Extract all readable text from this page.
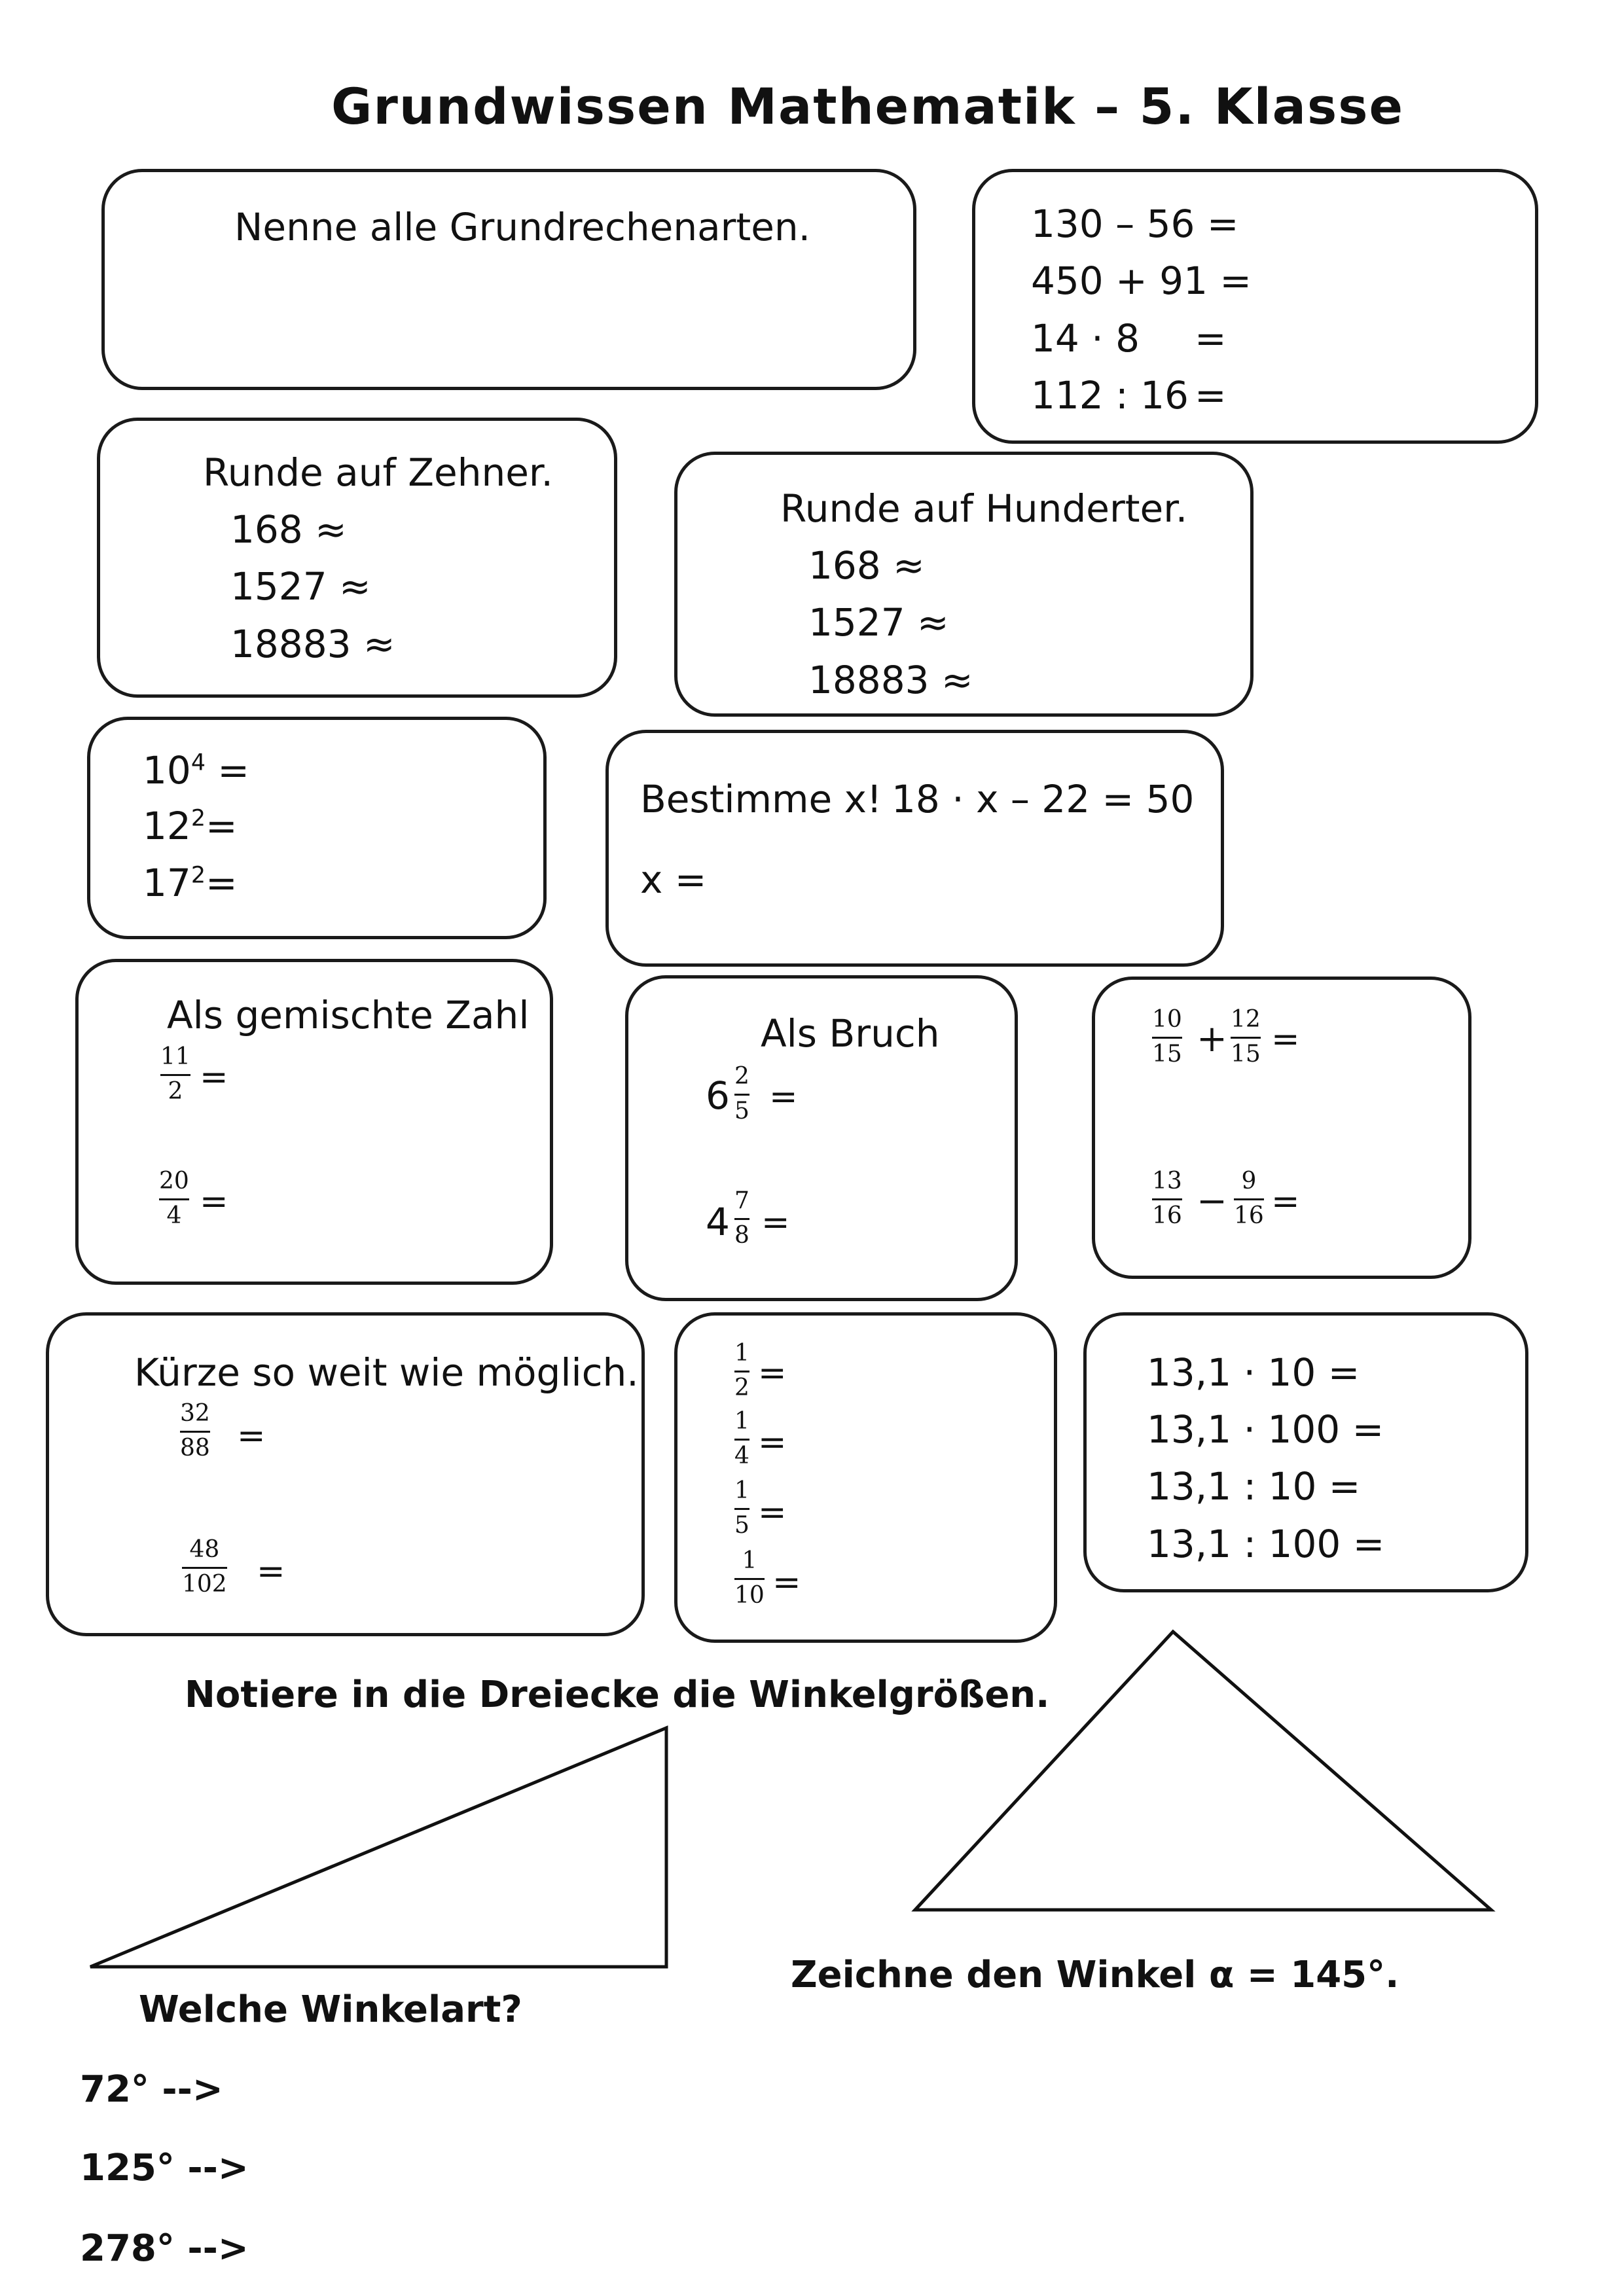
Grundwissen Mathematik – 5. Klasse
Nenne alle Grundrechenarten.	130 – 56 =
450 + 91 =
14 · 8 =
112 : 16 =
Runde auf Zehner.
168 ≈
1527 ≈
18883 ≈
Runde auf Hunderter.
168 ≈
1527 ≈
18883 ≈
$10^4$ =
$12^2=$
$17^2=$
Bestimme x! 18 · x – 22 = 50
x =
Als gemischte Zahl
11
2 =
20
4 =
Als Bruch
6 2
5 =
4 7
8 =
10
15 + 12
15 =
13
16 − 9
16 =
Kürze so weit wie möglich.
32
88 =
48
102 =
1
2 =
1
4 =
1
5 =
1
10 =
13,1 · 10 =
13,1 · 100 =
13,1 : 10 =
13,1 : 100 =
Notiere in die Dreiecke die Winkelgrößen.
Zeichne den Winkel α = 145°.
Welche Winkelart?
72° -->
125° -->
278° -->
